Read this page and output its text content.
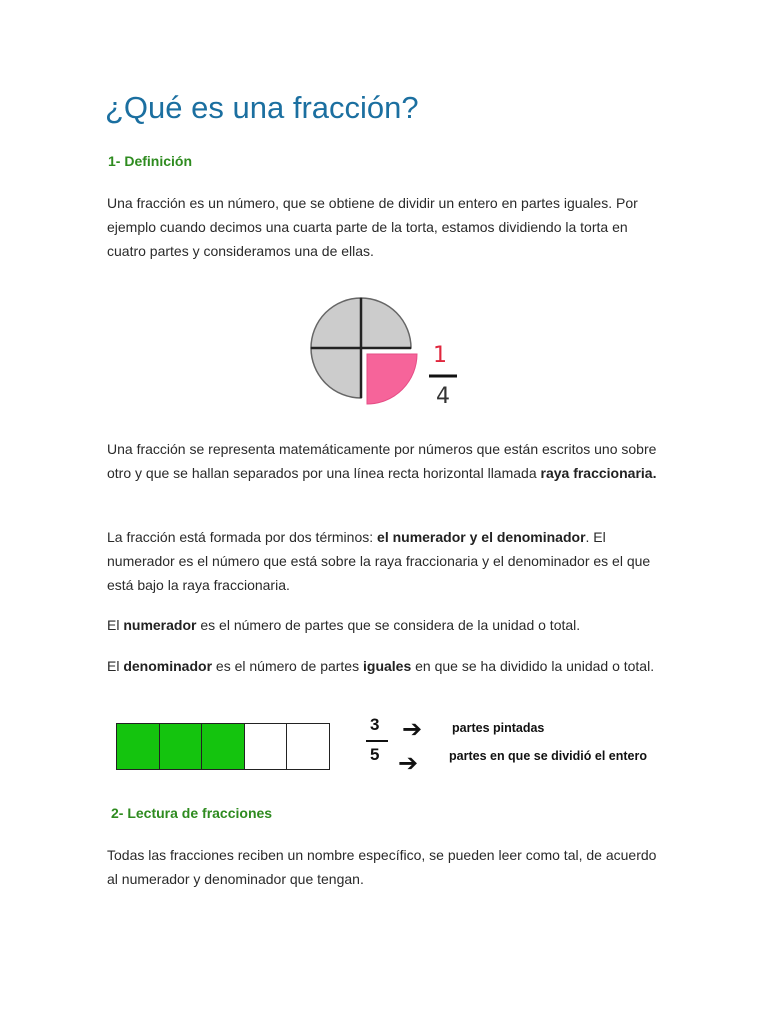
¿Qué es una fracción?
1- Definición

Una fracción es un número, que se obtiene de dividir un entero en partes iguales. Por ejemplo cuando decimos una cuarta parte de la torta, estamos dividiendo la torta en cuatro partes y consideramos una de ellas.

1
4

Una fracción se representa matemáticamente por números que están escritos uno sobre otro y que se hallan separados por una línea recta horizontal llamada raya fraccionaria.

La fracción está formada por dos términos: el numerador y el denominador. El numerador es el número que está sobre la raya fraccionaria y el denominador es el que está bajo la raya fraccionaria.

El numerador es el número de partes que se considera de la unidad o total.

El denominador es el número de partes iguales en que se ha dividido la unidad o total.

3
5
➔
➔
partes pintadas
partes en que se dividió el entero
2- Lectura de fracciones

Todas las fracciones reciben un nombre específico, se pueden leer como tal, de acuerdo al numerador y denominador que tengan.
